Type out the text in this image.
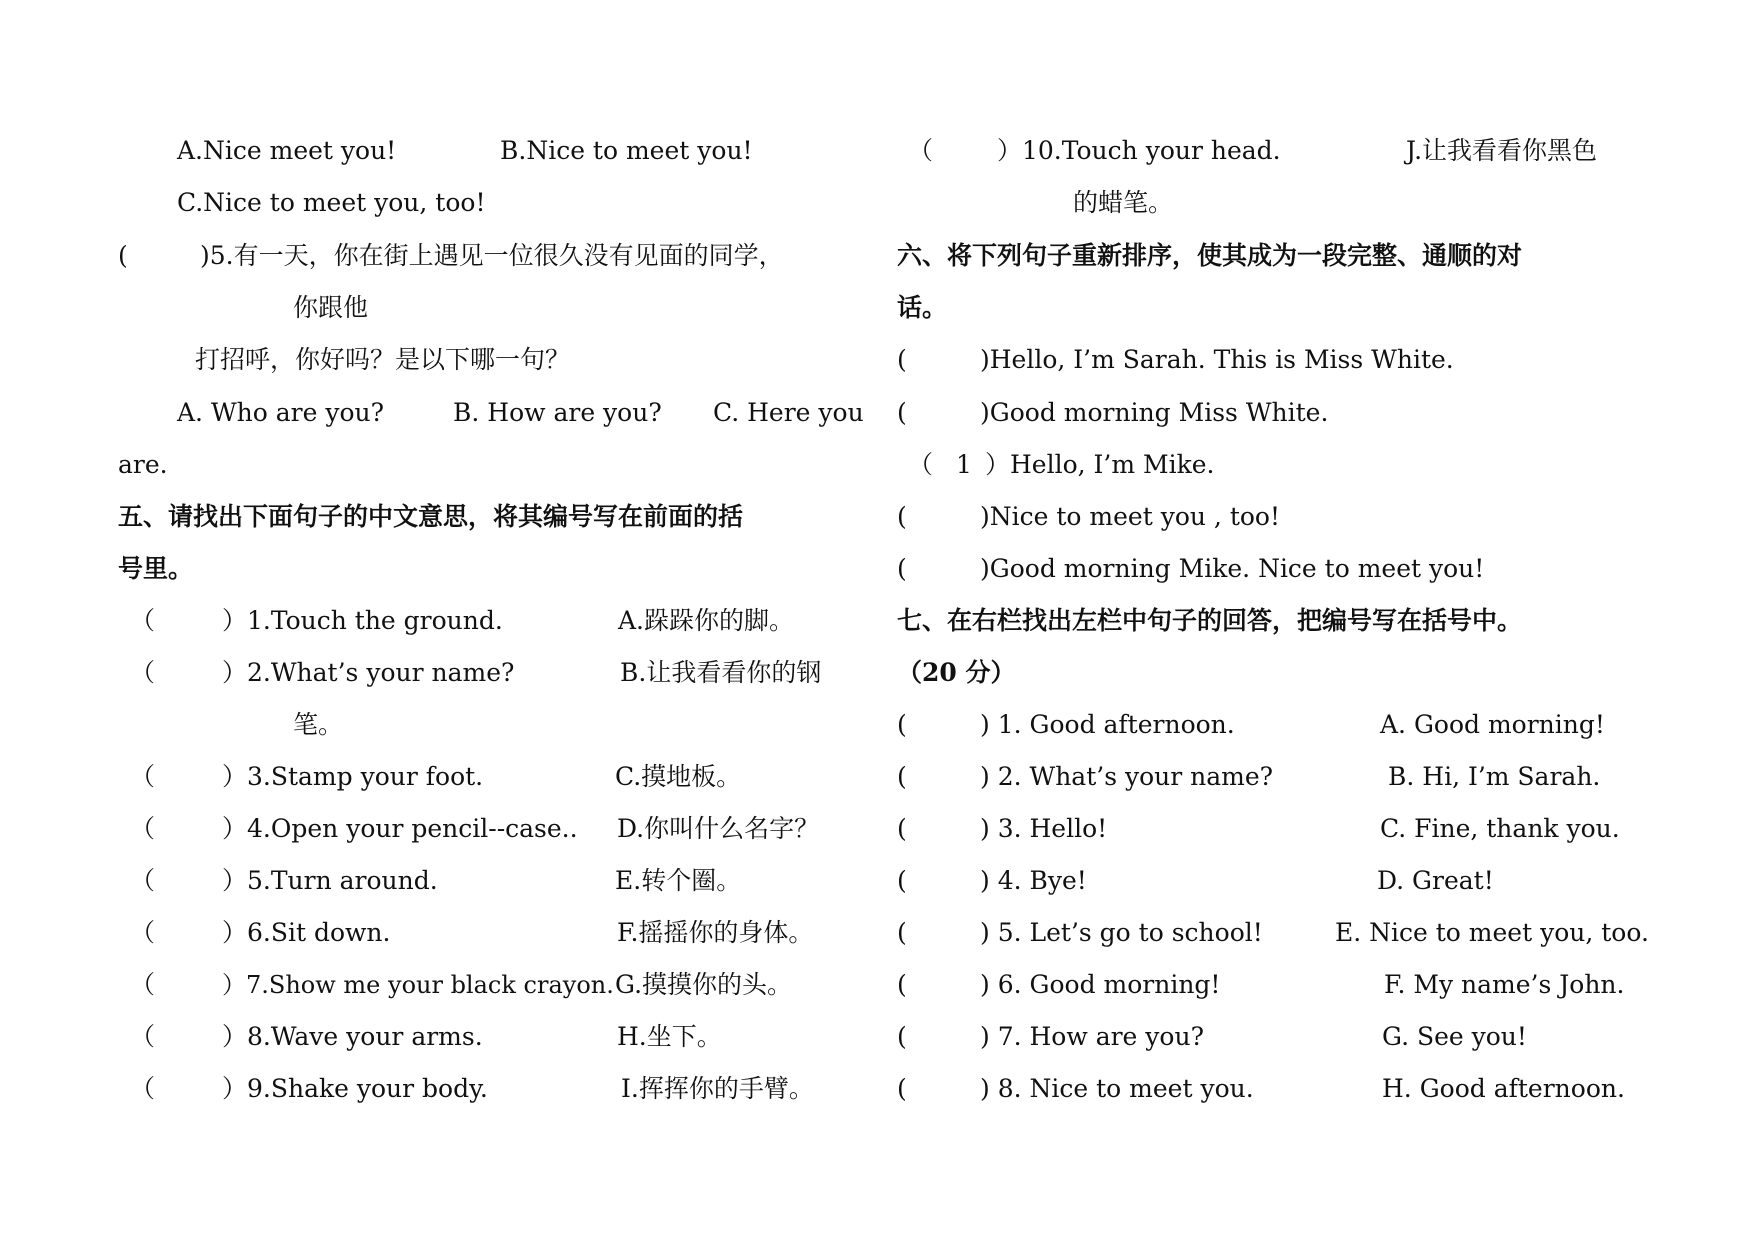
A.Nice meet you!	B.Nice to meet you!
C.Nice to meet you, too!
(	)5.有一天，你在街上遇见一位很久没有见面的同学，
你跟他
打招呼，你好吗？是以下哪一句？
A. Who are you?	B. How are you? C. Here you
are.
五、请找出下面句子的中文意思，将其编号写在前面的括
号里。
（	）1.Touch the ground.	A.跺跺你的脚。
（	）2.What’s your name?	B.让我看看你的钢
笔。
（	）3.Stamp your foot.	C.摸地板。
（	）4.Open your pencil--case.. D.你叫什么名字？
（	）5.Turn around.	E.转个圈。
（	）6.Sit down.	F.摇摇你的身体。
（	）7.Show me your black crayon. G.摸摸你的头。
（	）8.Wave your arms.	H.坐下。
（	）9.Shake your body.	I.挥挥你的手臂。
（	）10.Touch your head.	J.让我看看你黑色
的蜡笔。
六、将下列句子重新排序，使其成为一段完整、通顺的对
话。
(	)Hello, I’m Sarah. This is Miss White.
(	)Good morning Miss White.
（ 1 ）Hello, I’m Mike.
(	)Nice to meet you , too!
(	)Good morning Mike. Nice to meet you!
七、在右栏找出左栏中句子的回答，把编号写在括号中。
（20 分）
(	) 1. Good afternoon.	A. Good morning!
(	) 2. What’s your name?	B. Hi, I’m Sarah.
(	) 3. Hello!	C. Fine, thank you.
(	) 4. Bye!	D. Great!
(	) 5. Let’s go to school!	E. Nice to meet you, too.
(	) 6. Good morning!	F. My name’s John.
(	) 7. How are you?	G. See you!
(	) 8. Nice to meet you.	H. Good afternoon.
